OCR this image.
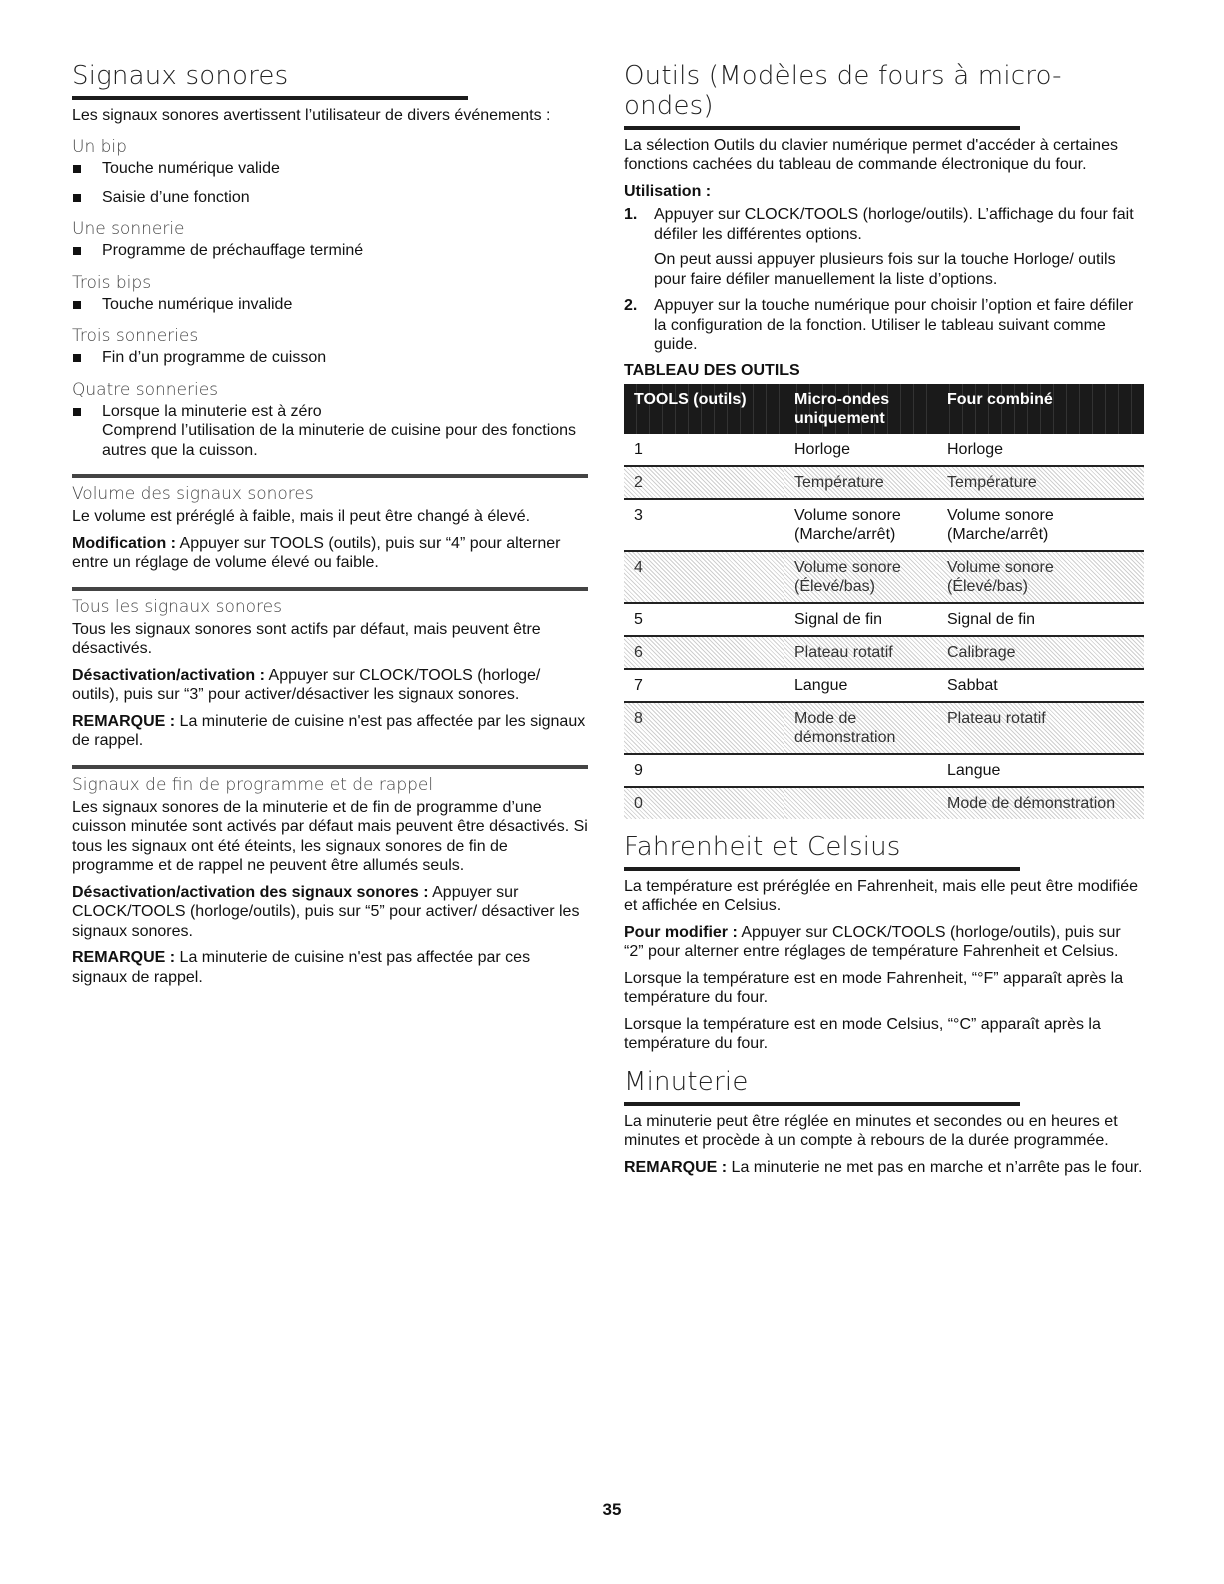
Signaux sonores

Les signaux sonores avertissent l’utilisateur de divers événements :

Un bip
Touche numérique valide
Saisie d’une fonction
Une sonnerie
Programme de préchauffage terminé
Trois bips
Touche numérique invalide
Trois sonneries
Fin d’un programme de cuisson
Quatre sonneries
Lorsque la minuterie est à zéro
Comprend l’utilisation de la minuterie de cuisine pour des fonctions autres que la cuisson.
Volume des signaux sonores

Le volume est préréglé à faible, mais il peut être changé à élevé.

Modification : Appuyer sur TOOLS (outils), puis sur “4” pour alterner entre un réglage de volume élevé ou faible.

Tous les signaux sonores

Tous les signaux sonores sont actifs par défaut, mais peuvent être désactivés.

Désactivation/activation : Appuyer sur CLOCK/TOOLS (horloge/ outils), puis sur “3” pour activer/désactiver les signaux sonores.

REMARQUE : La minuterie de cuisine n'est pas affectée par les signaux de rappel.

Signaux de fin de programme et de rappel

Les signaux sonores de la minuterie et de fin de programme d’une cuisson minutée sont activés par défaut mais peuvent être désactivés. Si tous les signaux ont été éteints, les signaux sonores de fin de programme et de rappel ne peuvent être allumés seuls.

Désactivation/activation des signaux sonores : Appuyer sur CLOCK/TOOLS (horloge/outils), puis sur “5” pour activer/ désactiver les signaux sonores.

REMARQUE : La minuterie de cuisine n'est pas affectée par ces signaux de rappel.

Outils (Modèles de fours à micro-ondes)

La sélection Outils du clavier numérique permet d'accéder à certaines fonctions cachées du tableau de commande électronique du four.

Utilisation :

1. Appuyer sur CLOCK/TOOLS (horloge/outils). L’affichage du four fait défiler les différentes options.

On peut aussi appuyer plusieurs fois sur la touche Horloge/ outils pour faire défiler manuellement la liste d’options.

2. Appuyer sur la touche numérique pour choisir l’option et faire défiler la configuration de la fonction. Utiliser le tableau suivant comme guide.

TABLEAU DES OUTILS
TOOLS (outils)	Micro-ondes uniquement	Four combiné
1	Horloge	Horloge
2	Température	Température
3	Volume sonore (Marche/arrêt)	Volume sonore (Marche/arrêt)
4	Volume sonore (Élevé/bas)	Volume sonore (Élevé/bas)
5	Signal de fin	Signal de fin
6	Plateau rotatif	Calibrage
7	Langue	Sabbat
8	Mode de démonstration	Plateau rotatif
9		Langue
0		Mode de démonstration
Fahrenheit et Celsius

La température est préréglée en Fahrenheit, mais elle peut être modifiée et affichée en Celsius.

Pour modifier : Appuyer sur CLOCK/TOOLS (horloge/outils), puis sur “2” pour alterner entre réglages de température Fahrenheit et Celsius.

Lorsque la température est en mode Fahrenheit, “°F” apparaît après la température du four.

Lorsque la température est en mode Celsius, “°C” apparaît après la température du four.

Minuterie

La minuterie peut être réglée en minutes et secondes ou en heures et minutes et procède à un compte à rebours de la durée programmée.

REMARQUE : La minuterie ne met pas en marche et n’arrête pas le four.

35
